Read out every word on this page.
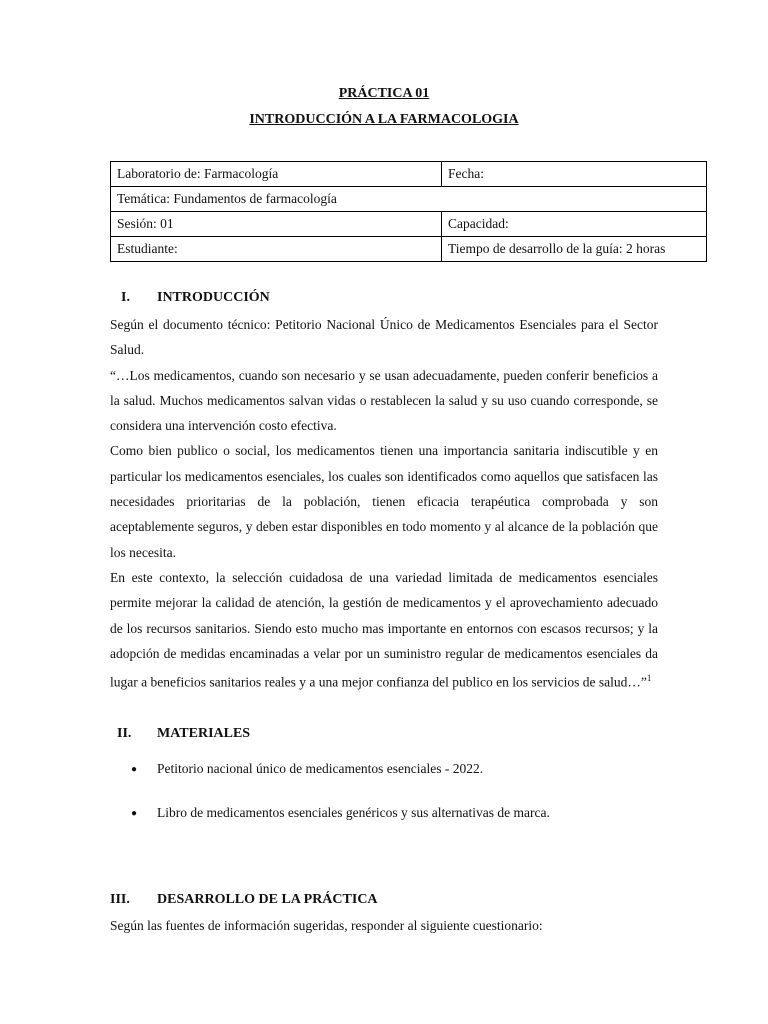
PRÁCTICA 01
INTRODUCCIÓN A LA FARMACOLOGIA
Laboratorio de: Farmacología	Fecha:
Temática: Fundamentos de farmacología	
Sesión: 01	Capacidad:
Estudiante:	Tiempo de desarrollo de la guía: 2 horas
I. INTRODUCCIÓN

Según el documento técnico: Petitorio Nacional Único de Medicamentos Esenciales para el Sector Salud.

“…Los medicamentos, cuando son necesario y se usan adecuadamente, pueden conferir beneficios a la salud. Muchos medicamentos salvan vidas o restablecen la salud y su uso cuando corresponde, se considera una intervención costo efectiva.

Como bien publico o social, los medicamentos tienen una importancia sanitaria indiscutible y en particular los medicamentos esenciales, los cuales son identificados como aquellos que satisfacen las necesidades prioritarias de la población, tienen eficacia terapéutica comprobada y son aceptablemente seguros, y deben estar disponibles en todo momento y al alcance de la población que los necesita.

En este contexto, la selección cuidadosa de una variedad limitada de medicamentos esenciales permite mejorar la calidad de atención, la gestión de medicamentos y el aprovechamiento adecuado de los recursos sanitarios. Siendo esto mucho mas importante en entornos con escasos recursos; y la adopción de medidas encaminadas a velar por un suministro regular de medicamentos esenciales da lugar a beneficios sanitarios reales y a una mejor confianza del publico en los servicios de salud…”$^1$

II. MATERIALES
● Petitorio nacional único de medicamentos esenciales - 2022.
● Libro de medicamentos esenciales genéricos y sus alternativas de marca.
III. DESARROLLO DE LA PRÁCTICA
Según las fuentes de información sugeridas, responder al siguiente cuestionario:
